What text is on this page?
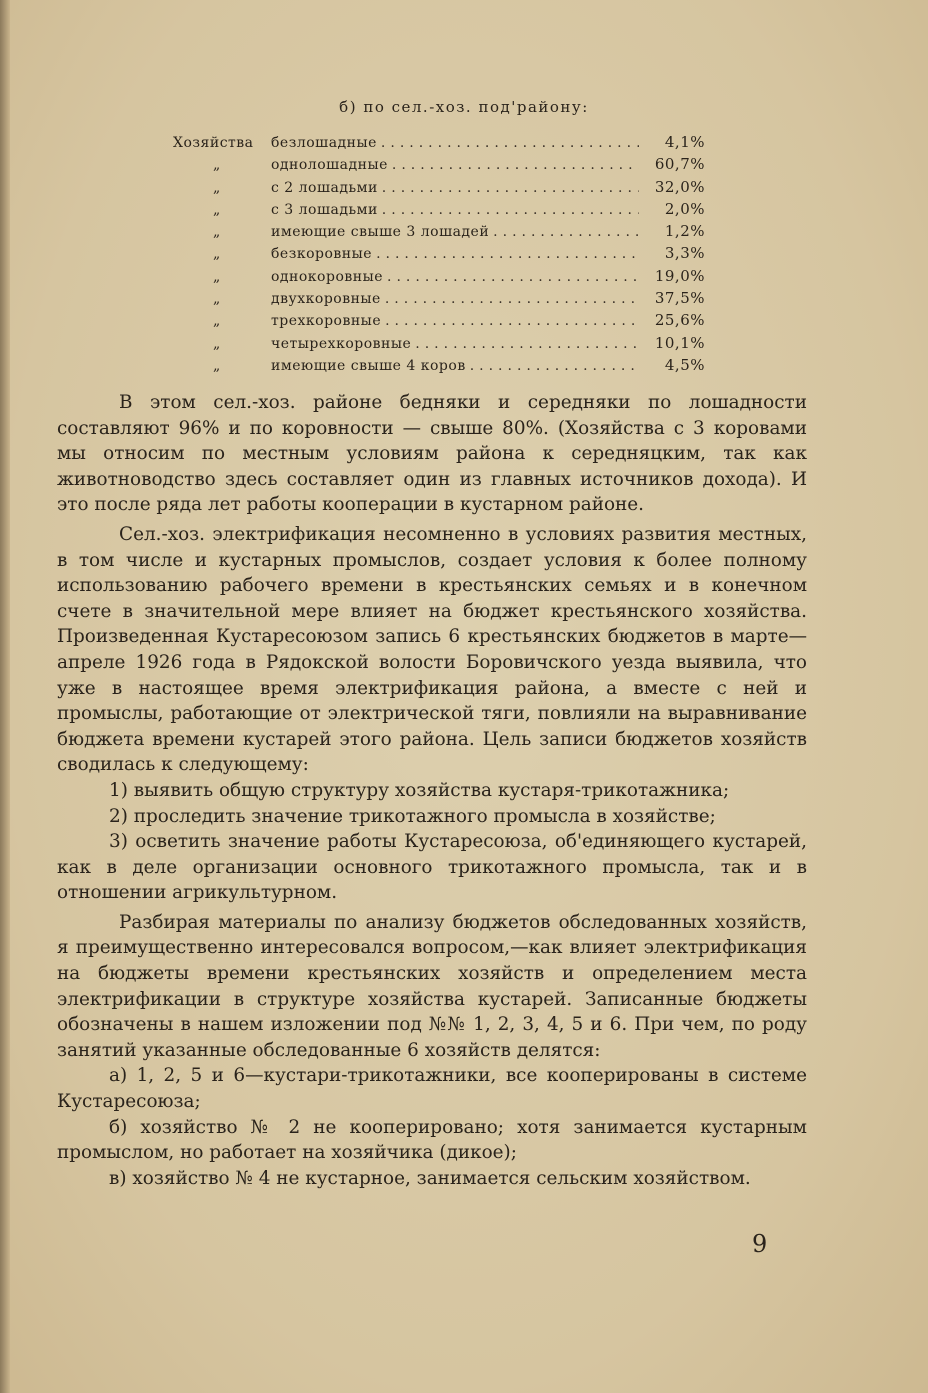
б) по сел.-хоз. под'району:
Хозяйства	безлошадные .....	4,1%
„	однолошадные .....	60,7%
„	с 2 лошадьми .....	32,0%
„	с 3 лошадьми .....	2,0%
„	имеющие свыше 3 лошадей .....	1,2%
„	безкоровные .....	3,3%
„	однокоровные .....	19,0%
„	двухкоровные .....	37,5%
„	трехкоровные .....	25,6%
„	четырехкоровные .....	10,1%
„	имеющие свыше 4 коров .....	4,5%

В этом сел.-хоз. районе бедняки и середняки по лошадности составляют 96% и по коровности — свыше 80%. (Хозяйства с 3 коровами мы относим по местным условиям района к середняцким, так как животноводство здесь составляет один из главных источников дохода). И это после ряда лет работы кооперации в кустарном районе.

Сел.-хоз. электрификация несомненно в условиях развития местных, в том числе и кустарных промыслов, создает условия к более полному использованию рабочего времени в крестьянских семьях и в конечном счете в значительной мере влияет на бюджет крестьянского хозяйства. Произведенная Кустаресоюзом запись 6 крестьянских бюджетов в марте—апреле 1926 года в Рядокской волости Боровичского уезда выявила, что уже в настоящее время электрификация района, а вместе с ней и промыслы, работающие от электрической тяги, повлияли на выравнивание бюджета времени кустарей этого района. Цель записи бюджетов хозяйств сводилась к следующему:

1) выявить общую структуру хозяйства кустаря-трикотажника;

2) проследить значение трикотажного промысла в хозяйстве;

3) осветить значение работы Кустаресоюза, об'единяющего кустарей, как в деле организации основного трикотажного промысла, так и в отношении агрикультурном.

Разбирая материалы по анализу бюджетов обследованных хозяйств, я преимущественно интересовался вопросом,—как влияет электрификация на бюджеты времени крестьянских хозяйств и определением места электрификации в структуре хозяйства кустарей. Записанные бюджеты обозначены в нашем изложении под №№ 1, 2, 3, 4, 5 и 6. При чем, по роду занятий указанные обследованные 6 хозяйств делятся:

а) 1, 2, 5 и 6—кустари-трикотажники, все кооперированы в системе Кустаресоюза;

б) хозяйство № 2 не кооперировано; хотя занимается кустарным промыслом, но работает на хозяйчика (дикое);

в) хозяйство № 4 не кустарное, занимается сельским хозяйством.

9
